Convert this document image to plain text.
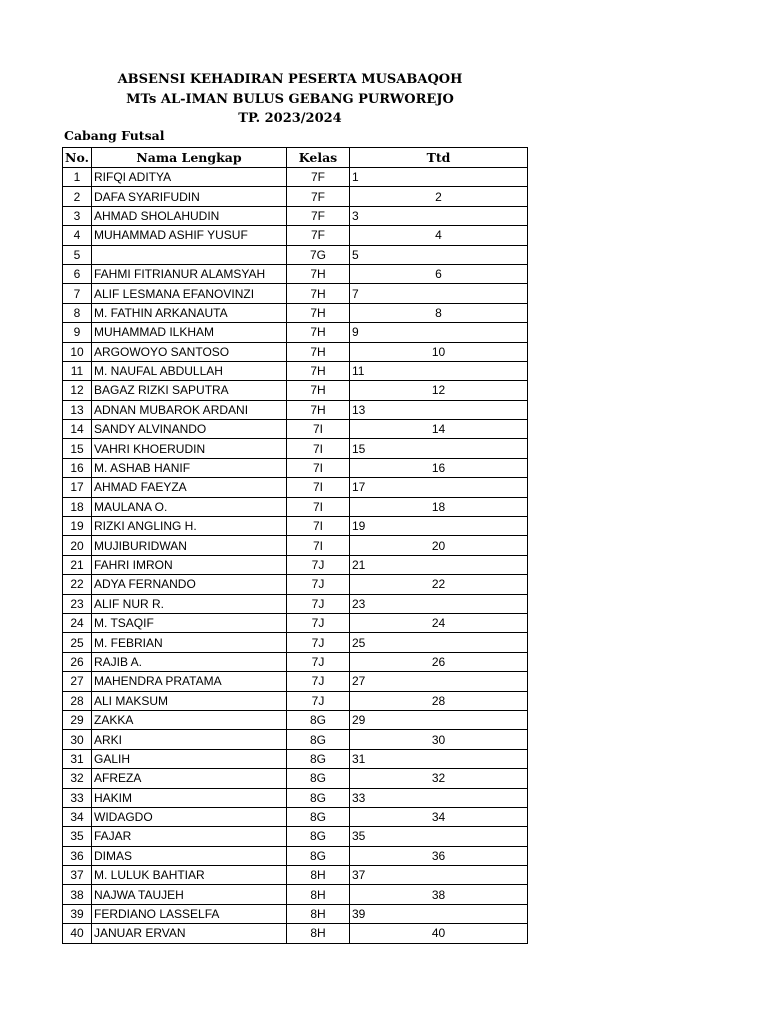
ABSENSI KEHADIRAN PESERTA MUSABAQOH
MTs AL-IMAN BULUS GEBANG PURWOREJO
TP. 2023/2024
Cabang Futsal
No.	Nama Lengkap	Kelas	Ttd
1	RIFQI ADITYA	7F	1
2	DAFA SYARIFUDIN	7F	2
3	AHMAD SHOLAHUDIN	7F	3
4	MUHAMMAD ASHIF YUSUF	7F	4
5		7G	5
6	FAHMI FITRIANUR ALAMSYAH	7H	6
7	ALIF LESMANA EFANOVINZI	7H	7
8	M. FATHIN ARKANAUTA	7H	8
9	MUHAMMAD ILKHAM	7H	9
10	ARGOWOYO SANTOSO	7H	10
11	M. NAUFAL ABDULLAH	7H	11
12	BAGAZ RIZKI SAPUTRA	7H	12
13	ADNAN MUBAROK ARDANI	7H	13
14	SANDY ALVINANDO	7I	14
15	VAHRI KHOERUDIN	7I	15
16	M. ASHAB HANIF	7I	16
17	AHMAD FAEYZA	7I	17
18	MAULANA O.	7I	18
19	RIZKI ANGLING H.	7I	19
20	MUJIBURIDWAN	7I	20
21	FAHRI IMRON	7J	21
22	ADYA FERNANDO	7J	22
23	ALIF NUR R.	7J	23
24	M. TSAQIF	7J	24
25	M. FEBRIAN	7J	25
26	RAJIB A.	7J	26
27	MAHENDRA PRATAMA	7J	27
28	ALI MAKSUM	7J	28
29	ZAKKA	8G	29
30	ARKI	8G	30
31	GALIH	8G	31
32	AFREZA	8G	32
33	HAKIM	8G	33
34	WIDAGDO	8G	34
35	FAJAR	8G	35
36	DIMAS	8G	36
37	M. LULUK BAHTIAR	8H	37
38	NAJWA TAUJEH	8H	38
39	FERDIANO LASSELFA	8H	39
40	JANUAR ERVAN	8H	40
